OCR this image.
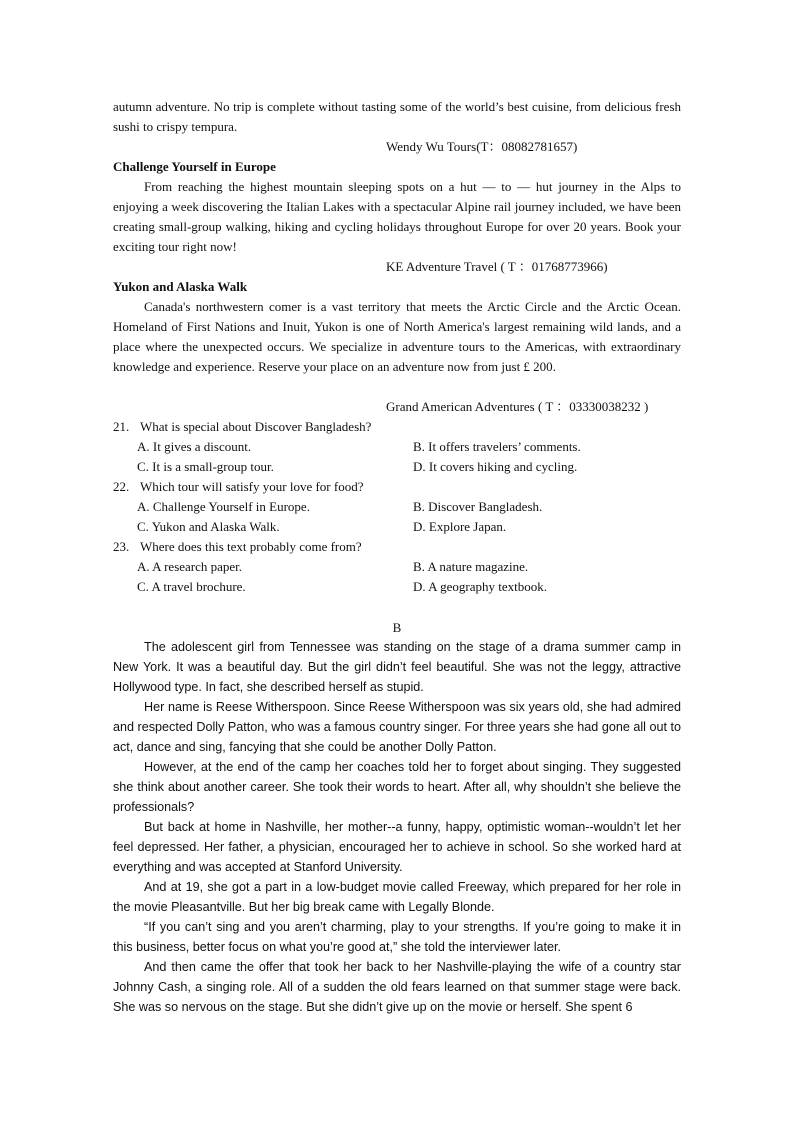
autumn adventure. No trip is complete without tasting some of the world’s best cuisine, from delicious fresh sushi to crispy tempura.

Wendy Wu Tours(T：08082781657)

Challenge Yourself in Europe

From reaching the highest mountain sleeping spots on a hut — to — hut journey in the Alps to enjoying a week discovering the Italian Lakes with a spectacular Alpine rail journey included, we have been creating small-group walking, hiking and cycling holidays throughout Europe for over 20 years. Book your exciting tour right now!

KE Adventure Travel ( T ：01768773966)

Yukon and Alaska Walk

Canada's northwestern comer is a vast territory that meets the Arctic Circle and the Arctic Ocean. Homeland of First Nations and Inuit, Yukon is one of North America's largest remaining wild lands, and a place where the unexpected occurs. We specialize in adventure tours to the Americas, with extraordinary knowledge and experience. Reserve your place on an adventure now from just £ 200.

Grand American Adventures ( T ：03330038232 )
21. What is special about Discover Bangladesh?
A. It gives a discount.	B. It offers travelers’ comments.
C. It is a small-group tour.	D. It covers hiking and cycling.
22. Which tour will satisfy your love for food?
A. Challenge Yourself in Europe.	B. Discover Bangladesh.
C. Yukon and Alaska Walk.	D. Explore Japan.
23. Where does this text probably come from?
A. A research paper.	B. A nature magazine.
C. A travel brochure.	D. A geography textbook.
B

The adolescent girl from Tennessee was standing on the stage of a drama summer camp in New York. It was a beautiful day. But the girl didn’t feel beautiful. She was not the leggy, attractive Hollywood type. In fact, she described herself as stupid.

Her name is Reese Witherspoon. Since Reese Witherspoon was six years old, she had admired and respected Dolly Patton, who was a famous country singer. For three years she had gone all out to act, dance and sing, fancying that she could be another Dolly Patton.

However, at the end of the camp her coaches told her to forget about singing. They suggested she think about another career. She took their words to heart. After all, why shouldn’t she believe the professionals?

But back at home in Nashville, her mother--a funny, happy, optimistic woman--wouldn’t let her feel depressed. Her father, a physician, encouraged her to achieve in school. So she worked hard at everything and was accepted at Stanford University.

And at 19, she got a part in a low-budget movie called Freeway, which prepared for her role in the movie Pleasantville. But her big break came with Legally Blonde.

“If you can’t sing and you aren’t charming, play to your strengths. If you’re going to make it in this business, better focus on what you’re good at,” she told the interviewer later.

And then came the offer that took her back to her Nashville-playing the wife of a country star Johnny Cash, a singing role. All of a sudden the old fears learned on that summer stage were back. She was so nervous on the stage. But she didn’t give up on the movie or herself. She spent 6
